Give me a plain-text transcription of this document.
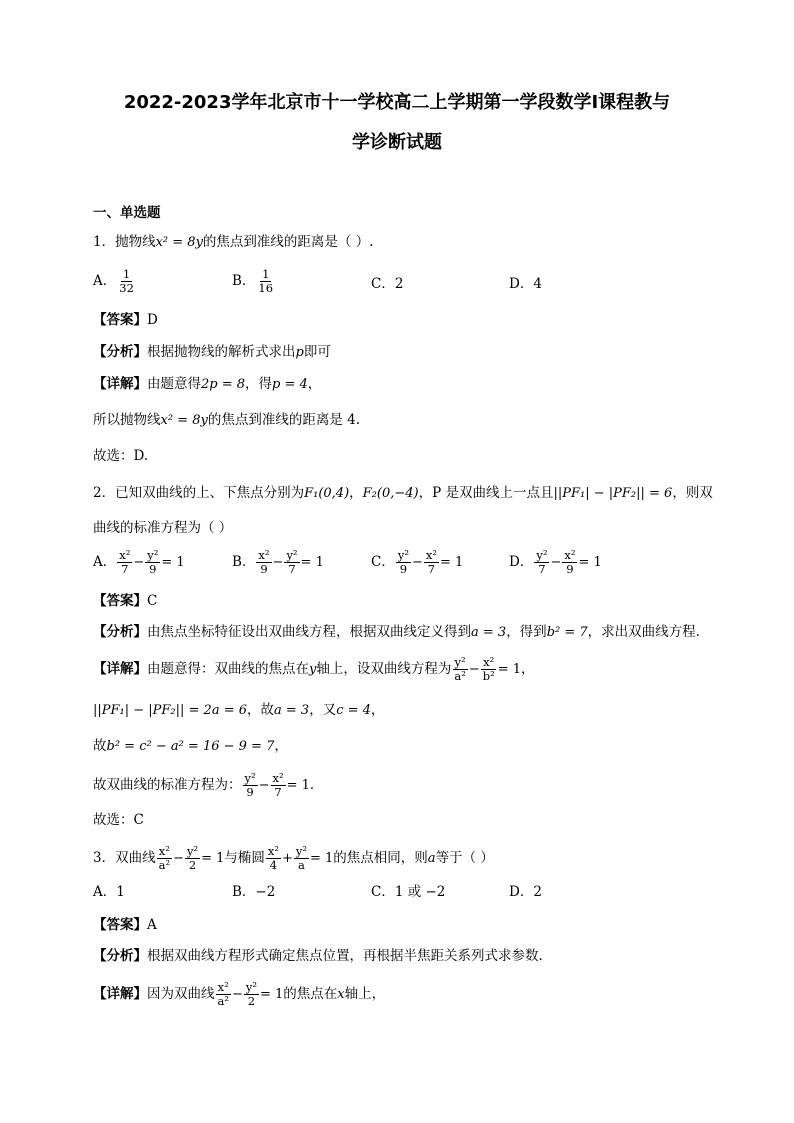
2022-2023学年北京市十一学校高二上学期第一学段数学Ⅰ课程教与
学诊断试题
一、单选题
1．抛物线x² = 8y的焦点到准线的距离是（ ）.
A． $\frac{1}{32}$	B． $\frac{1}{16}$	C．2	D．4
【答案】D
【分析】根据抛物线的解析式求出p即可
【详解】由题意得2p = 8，得p = 4，
所以抛物线x² = 8y的焦点到准线的距离是 4.
故选：D.
2．已知双曲线的上、下焦点分别为F₁(0,4)，F₂(0,−4)，P 是双曲线上一点且||PF₁| − |PF₂|| = 6，则双
曲线的标准方程为（ ）
A． $\frac{\text{x²}}{7} - \frac{\text{y²}}{9} = 1$	B． $\frac{\text{x²}}{9} - \frac{\text{y²}}{7} = 1$	C． $\frac{\text{y²}}{9} - \frac{\text{x²}}{7} = 1$	D． $\frac{\text{y²}}{7} - \frac{\text{x²}}{9} = 1$
【答案】C
【分析】由焦点坐标特征设出双曲线方程，根据双曲线定义得到a = 3，得到b² = 7，求出双曲线方程.
【详解】由题意得：双曲线的焦点在y轴上，设双曲线方程为 $\frac{\text{y²}}{\text{a²}} - \frac{\text{x²}}{\text{b²}} = 1$，
||PF₁| − |PF₂|| = 2a = 6，故a = 3，又c = 4，
故b² = c² − a² = 16 − 9 = 7，
故双曲线的标准方程为： $\frac{\text{y²}}{9} - \frac{\text{x²}}{7} = 1$.
故选：C
3．双曲线 $\frac{\text{x²}}{\text{a²}} - \frac{\text{y²}}{2} = 1$与椭圆 $\frac{\text{x²}}{4} + \frac{\text{y²}}{a} = 1$的焦点相同，则a等于（ ）
A．1	B．−2	C．1 或 −2	D．2
【答案】A
【分析】根据双曲线方程形式确定焦点位置，再根据半焦距关系列式求参数.
【详解】因为双曲线 $\frac{\text{x²}}{\text{a²}} - \frac{\text{y²}}{2} = 1$的焦点在x轴上，
